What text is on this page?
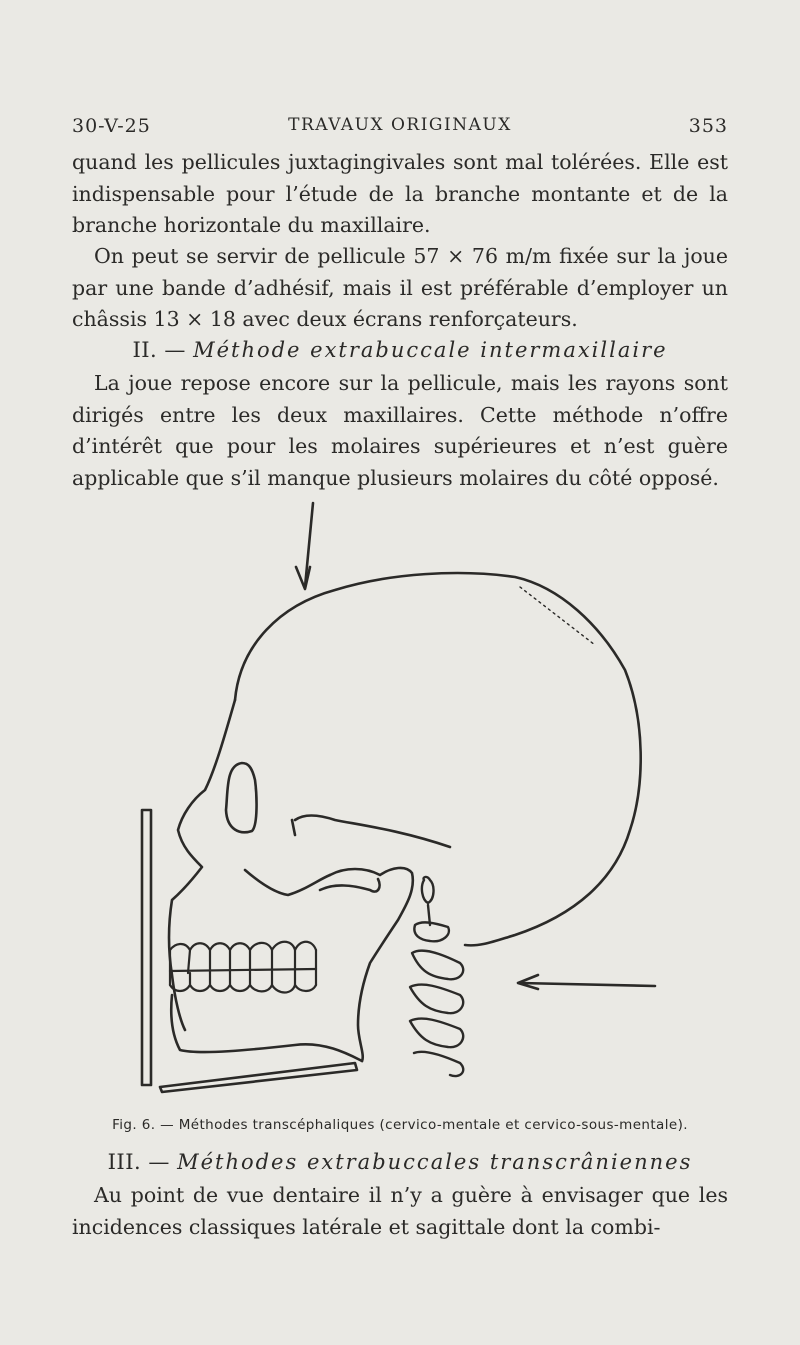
30-V-25	TRAVAUX ORIGINAUX	353
quand les pellicules juxtagingivales sont mal tolérées. Elle est indispensable pour l’étude de la branche montante et de la branche horizontale du maxillaire.
On peut se servir de pellicule 57 × 76 m/m fixée sur la joue par une bande d’adhésif, mais il est préférable d’employer un châssis 13 × 18 avec deux écrans renforçateurs.
II. — Méthode extrabuccale intermaxillaire
La joue repose encore sur la pellicule, mais les rayons sont dirigés entre les deux maxillaires. Cette méthode n’offre d’intérêt que pour les molaires supérieures et n’est guère applicable que s’il manque plusieurs molaires du côté opposé.
Fig. 6. — Méthodes transcéphaliques (cervico-mentale et cervico-sous-mentale).
III. — Méthodes extrabuccales transcrâniennes
Au point de vue dentaire il n’y a guère à envisager que les incidences classiques latérale et sagittale dont la combi-
